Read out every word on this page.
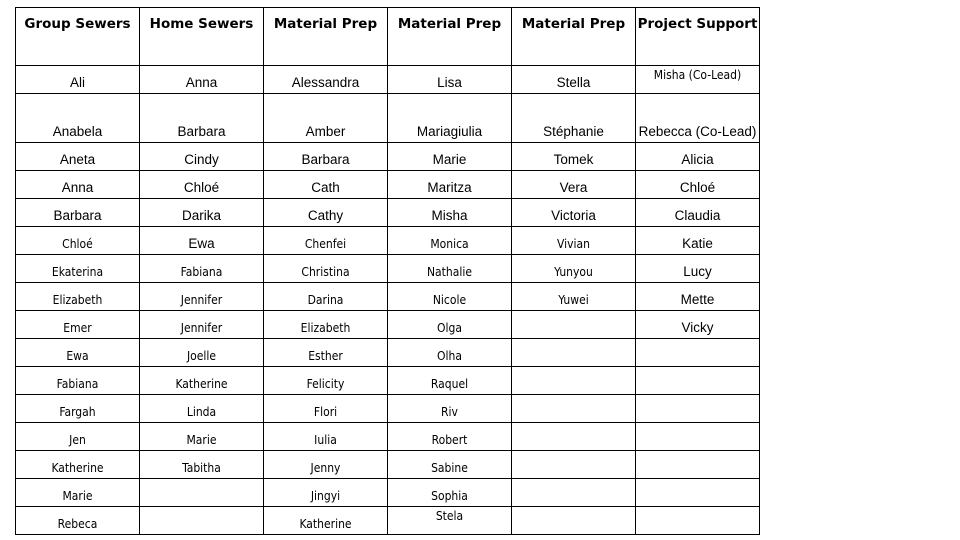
Group Sewers	Home Sewers	Material Prep	Material Prep	Material Prep	Project Support
Ali	Anna	Alessandra	Lisa	Stella	Misha (Co-Lead)
Anabela	Barbara	Amber	Mariagiulia	Stéphanie	Rebecca (Co-Lead)
Aneta	Cindy	Barbara	Marie	Tomek	Alicia
Anna	Chloé	Cath	Maritza	Vera	Chloé
Barbara	Darika	Cathy	Misha	Victoria	Claudia
Chloé	Ewa	Chenfei	Monica	Vivian	Katie
Ekaterina	Fabiana	Christina	Nathalie	Yunyou	Lucy
Elizabeth	Jennifer	Darina	Nicole	Yuwei	Mette
Emer	Jennifer	Elizabeth	Olga		Vicky
Ewa	Joelle	Esther	Olha		
Fabiana	Katherine	Felicity	Raquel		
Fargah	Linda	Flori	Riv		
Jen	Marie	Iulia	Robert		
Katherine	Tabitha	Jenny	Sabine		
Marie		Jingyi	Sophia		
Rebeca		Katherine	Stela		
